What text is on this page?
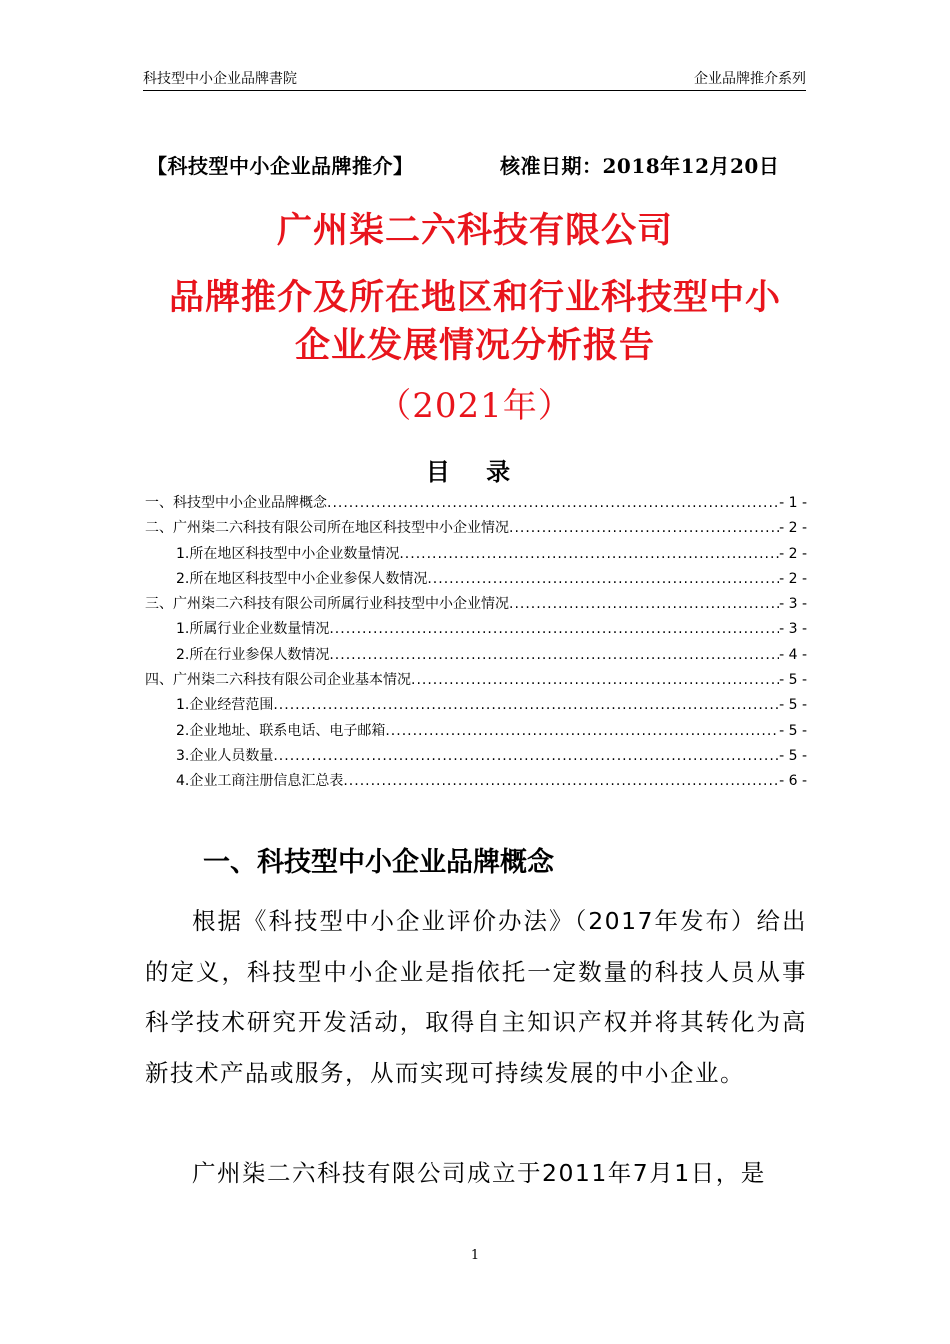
科技型中小企业品牌書院	企业品牌推介系列
【科技型中小企业品牌推介】	核准日期：2018年12月20日
广州柒二六科技有限公司
品牌推介及所在地区和行业科技型中小
企业发展情况分析报告
（2021年）
目 录
一、科技型中小企业品牌概念 .....	- 1 -
二、广州柒二六科技有限公司所在地区科技型中小企业情况 .....	- 2 -
1.所在地区科技型中小企业数量情况 .....	- 2 -
2.所在地区科技型中小企业参保人数情况 .....	- 2 -
三、广州柒二六科技有限公司所属行业科技型中小企业情况 .....	- 3 -
1.所属行业企业数量情况 .....	- 3 -
2.所在行业参保人数情况 .....	- 4 -
四、广州柒二六科技有限公司企业基本情况 .....	- 5 -
1.企业经营范围 .....	- 5 -
2.企业地址、联系电话、电子邮箱 .....	- 5 -
3.企业人员数量 .....	- 5 -
4.企业工商注册信息汇总表 .....	- 6 -
一、科技型中小企业品牌概念
根据《科技型中小企业评价办法》（2017年发布）给出的定义，科技型中小企业是指依托一定数量的科技人员从事科学技术研究开发活动，取得自主知识产权并将其转化为高新技术产品或服务，从而实现可持续发展的中小企业。
广州柒二六科技有限公司成立于2011年7月1日，是
1
